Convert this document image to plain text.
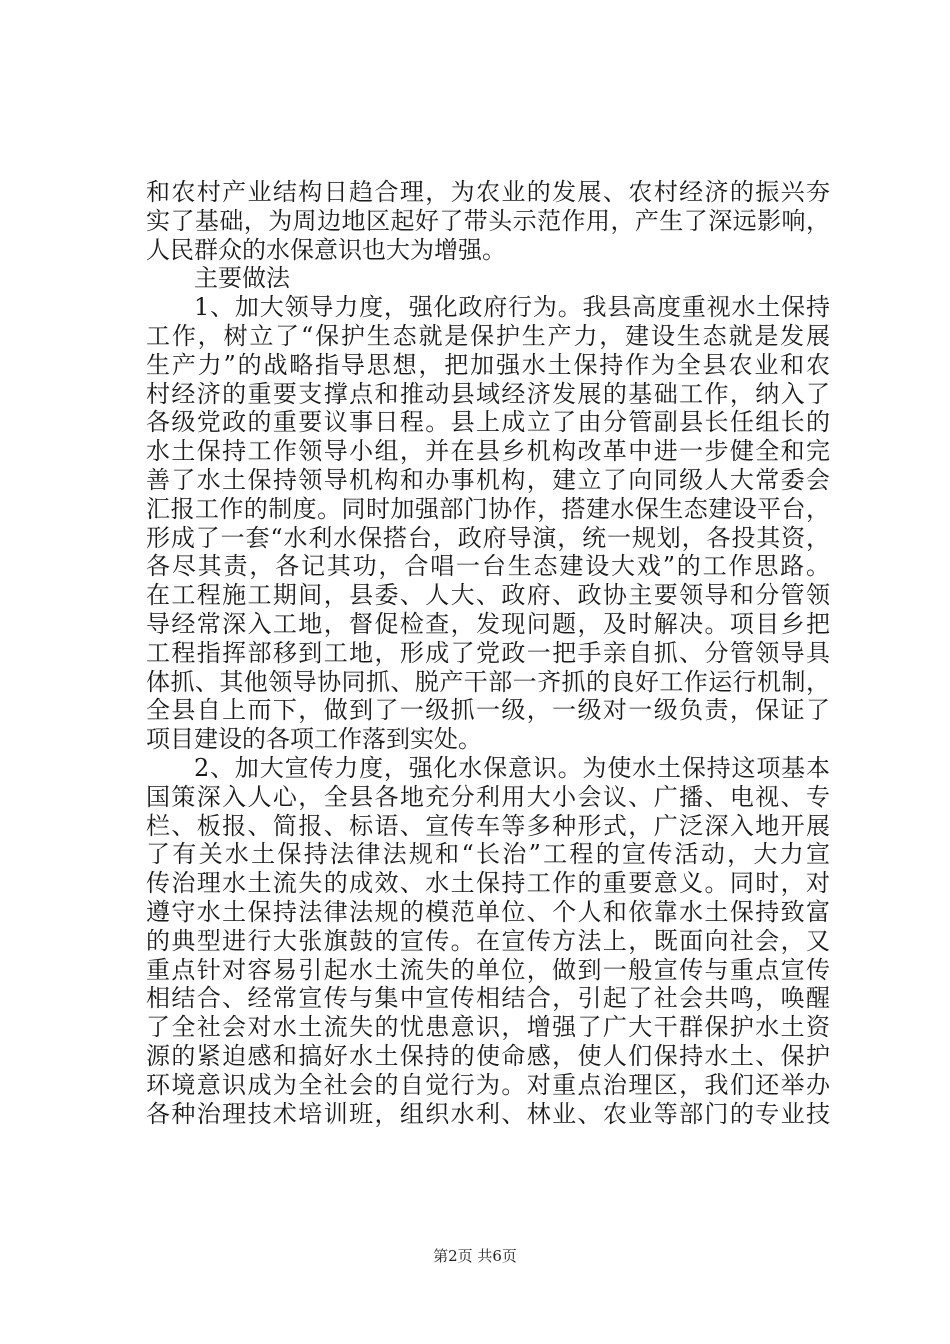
和农村产业结构日趋合理，为农业的发展、农村经济的振兴夯
实了基础，为周边地区起好了带头示范作用，产生了深远影响，
人民群众的水保意识也大为增强。
主要做法
1、加大领导力度，强化政府行为。我县高度重视水土保持
工作，树立了“保护生态就是保护生产力，建设生态就是发展
生产力”的战略指导思想，把加强水土保持作为全县农业和农
村经济的重要支撑点和推动县域经济发展的基础工作，纳入了
各级党政的重要议事日程。县上成立了由分管副县长任组长的
水土保持工作领导小组，并在县乡机构改革中进一步健全和完
善了水土保持领导机构和办事机构，建立了向同级人大常委会
汇报工作的制度。同时加强部门协作，搭建水保生态建设平台，
形成了一套“水利水保搭台，政府导演，统一规划，各投其资，
各尽其责，各记其功，合唱一台生态建设大戏”的工作思路。
在工程施工期间，县委、人大、政府、政协主要领导和分管领
导经常深入工地，督促检查，发现问题，及时解决。项目乡把
工程指挥部移到工地，形成了党政一把手亲自抓、分管领导具
体抓、其他领导协同抓、脱产干部一齐抓的良好工作运行机制，
全县自上而下，做到了一级抓一级，一级对一级负责，保证了
项目建设的各项工作落到实处。
2、加大宣传力度，强化水保意识。为使水土保持这项基本
国策深入人心，全县各地充分利用大小会议、广播、电视、专
栏、板报、简报、标语、宣传车等多种形式，广泛深入地开展
了有关水土保持法律法规和“长治”工程的宣传活动，大力宣
传治理水土流失的成效、水土保持工作的重要意义。同时，对
遵守水土保持法律法规的模范单位、个人和依靠水土保持致富
的典型进行大张旗鼓的宣传。在宣传方法上，既面向社会，又
重点针对容易引起水土流失的单位，做到一般宣传与重点宣传
相结合、经常宣传与集中宣传相结合，引起了社会共鸣，唤醒
了全社会对水土流失的忧患意识，增强了广大干群保护水土资
源的紧迫感和搞好水土保持的使命感，使人们保持水土、保护
环境意识成为全社会的自觉行为。对重点治理区，我们还举办
各种治理技术培训班，组织水利、林业、农业等部门的专业技
第2页 共6页
